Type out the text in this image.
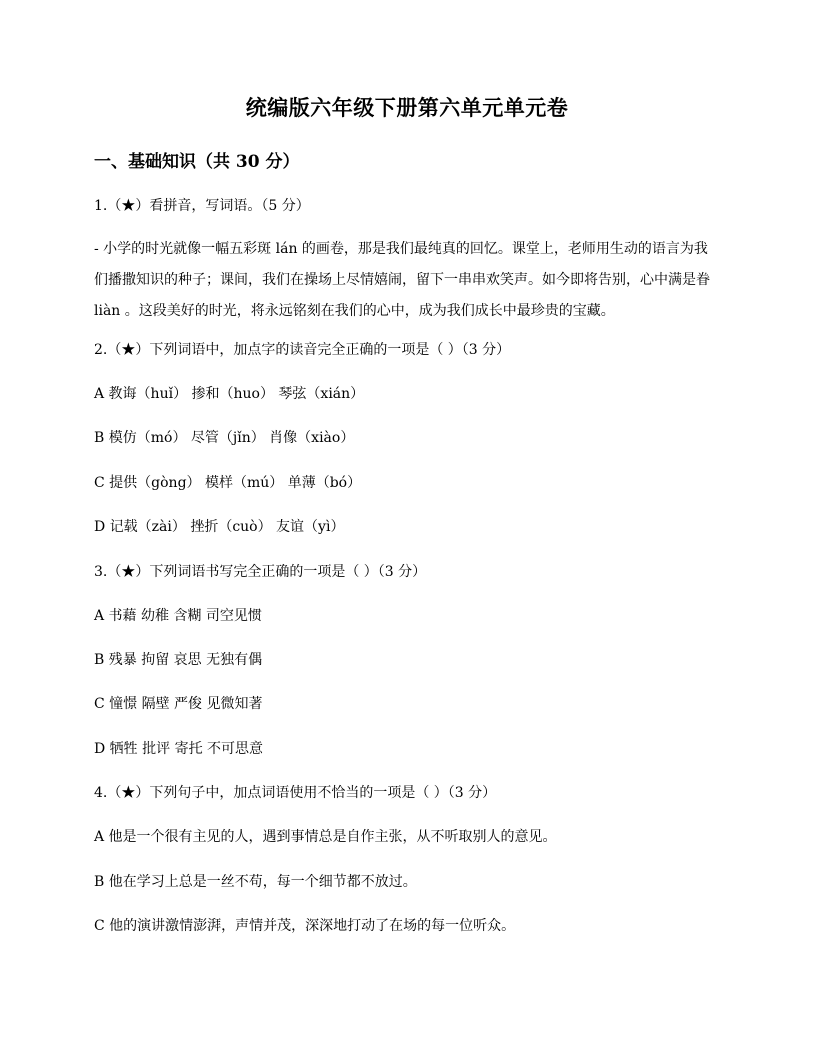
统编版六年级下册第六单元单元卷
一、基础知识（共 30 分）
1.（★）看拼音，写词语。（5 分）
- 小学的时光就像一幅五彩斑 lán 的画卷，那是我们最纯真的回忆。课堂上，老师用生动的语言为我们播撒知识的种子；课间，我们在操场上尽情嬉闹，留下一串串欢笑声。如今即将告别，心中满是眷 liàn 。这段美好的时光，将永远铭刻在我们的心中，成为我们成长中最珍贵的宝藏。
2.（★）下列词语中，加点字的读音完全正确的一项是（ ）（3 分）
A 教诲（huǐ） 掺和（huo） 琴弦（xián）
B 模仿（mó） 尽管（jǐn） 肖像（xiào）
C 提供（gòng） 模样（mú） 单薄（bó）
D 记载（zài） 挫折（cuò） 友谊（yì）
3.（★）下列词语书写完全正确的一项是（ ）（3 分）
A 书藉 幼稚 含糊 司空见惯
B 残暴 拘留 哀思 无独有偶
C 憧憬 隔壁 严俊 见微知著
D 牺牲 批评 寄托 不可思意
4.（★）下列句子中，加点词语使用不恰当的一项是（ ）（3 分）
A 他是一个很有主见的人，遇到事情总是自作主张，从不听取别人的意见。
B 他在学习上总是一丝不苟，每一个细节都不放过。
C 他的演讲激情澎湃，声情并茂，深深地打动了在场的每一位听众。
